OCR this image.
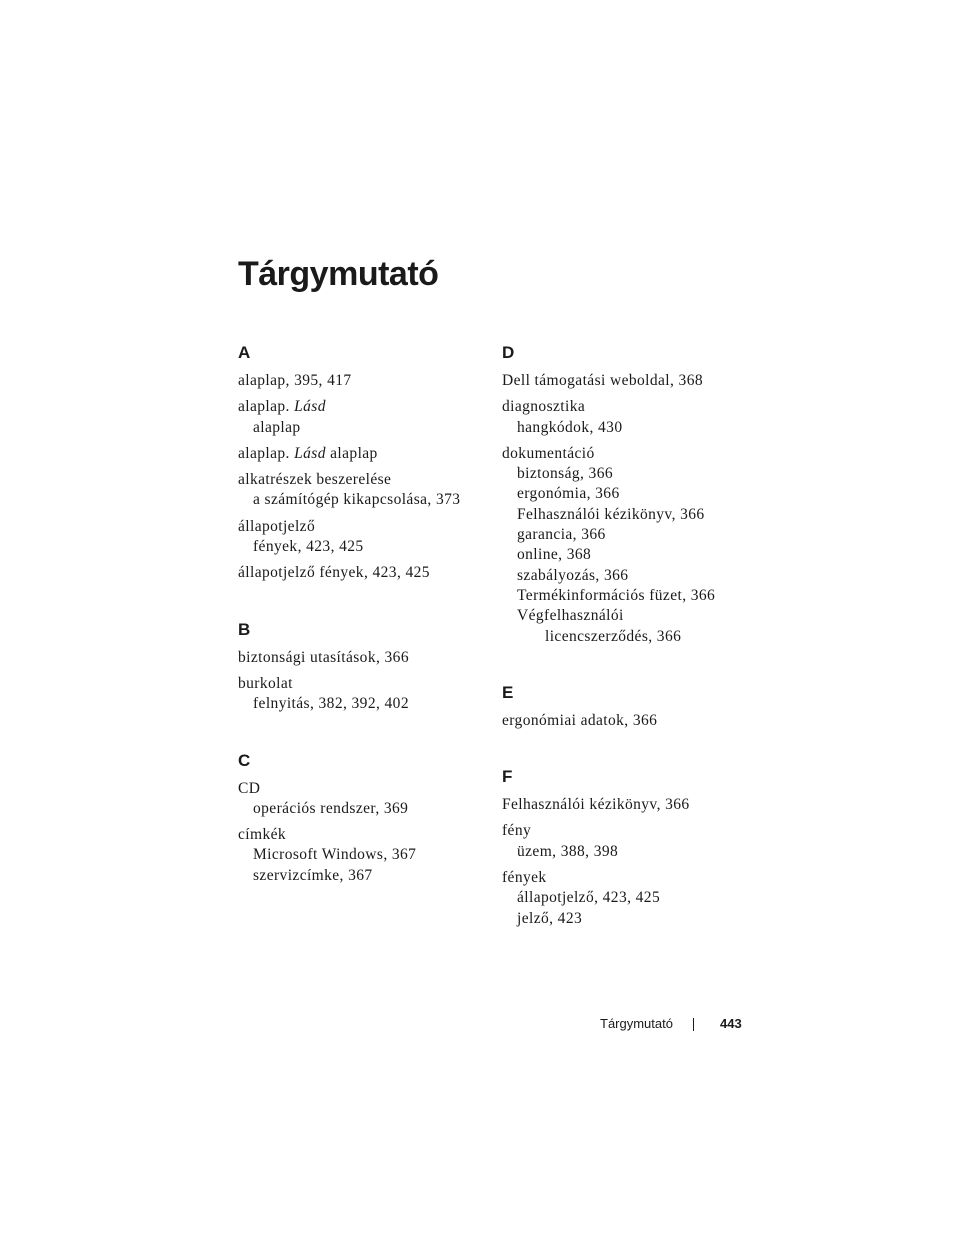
Tárgymutató
A
alaplap, 395, 417
alaplap. Lásd
alaplap
alaplap. Lásd alaplap
alkatrészek beszerelése
a számítógép kikapcsolása, 373
állapotjelző
fények, 423, 425
állapotjelző fények, 423, 425
B
biztonsági utasítások, 366
burkolat
felnyitás, 382, 392, 402
C
CD
operációs rendszer, 369
címkék
Microsoft Windows, 367
szervizcímke, 367
D
Dell támogatási weboldal, 368
diagnosztika
hangkódok, 430
dokumentáció
biztonság, 366
ergonómia, 366
Felhasználói kézikönyv, 366
garancia, 366
online, 368
szabályozás, 366
Termékinformációs füzet, 366
Végfelhasználói
licencszerződés, 366
E
ergonómiai adatok, 366
F
Felhasználói kézikönyv, 366
fény
üzem, 388, 398
fények
állapotjelző, 423, 425
jelző, 423
Tárgymutató	443
